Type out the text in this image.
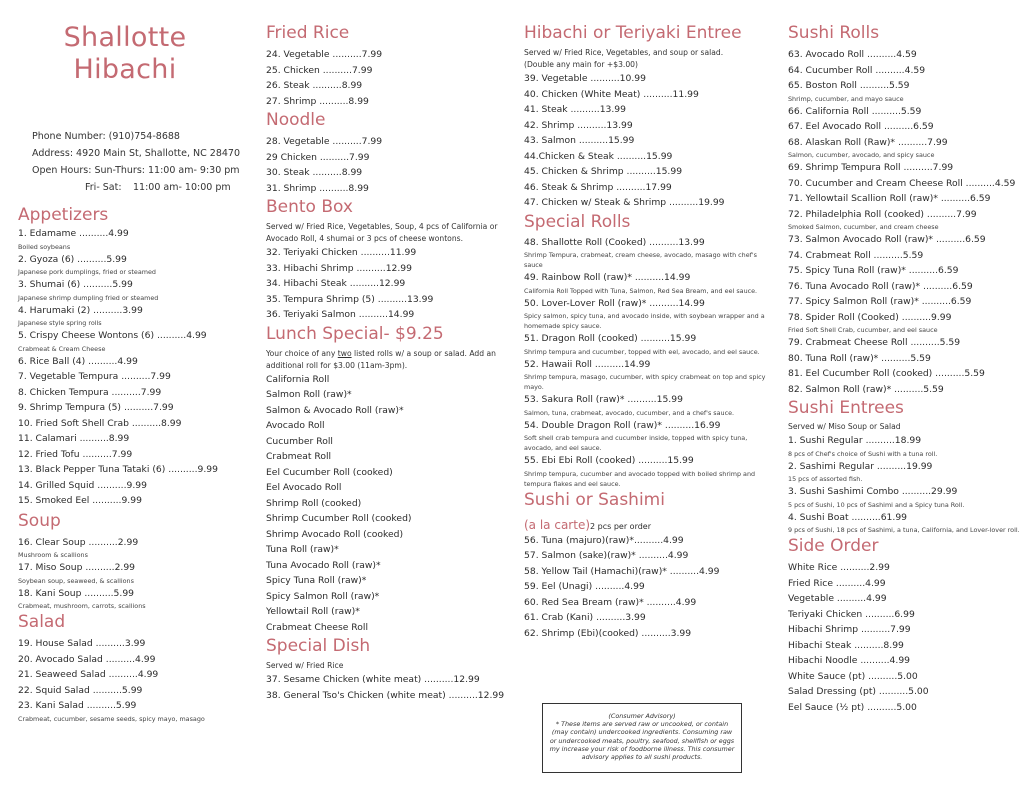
Shallotte
Hibachi
Phone Number: (910)754-8688
Address: 4920 Main St, Shallotte, NC 28470
Open Hours: Sun-Thurs: 11:00 am- 9:30 pm
Fri- Sat: 11:00 am- 10:00 pm
Appetizers
1. Edamame ..........4.99
Boiled soybeans
2. Gyoza (6) ..........5.99
Japanese pork dumplings, fried or steamed
3. Shumai (6) ..........5.99
Japanese shrimp dumpling fried or steamed
4. Harumaki (2) ..........3.99
Japanese style spring rolls
5. Crispy Cheese Wontons (6) ..........4.99
Crabmeat & Cream Cheese
6. Rice Ball (4) ..........4.99
7. Vegetable Tempura ..........7.99
8. Chicken Tempura ..........7.99
9. Shrimp Tempura (5) ..........7.99
10. Fried Soft Shell Crab ..........8.99
11. Calamari ..........8.99
12. Fried Tofu ..........7.99
13. Black Pepper Tuna Tataki (6) ..........9.99
14. Grilled Squid ..........9.99
15. Smoked Eel ..........9.99
Soup
16. Clear Soup ..........2.99
Mushroom & scallions
17. Miso Soup ..........2.99
Soybean soup, seaweed, & scallions
18. Kani Soup ..........5.99
Crabmeat, mushroom, carrots, scallions
Salad
19. House Salad ..........3.99
20. Avocado Salad ..........4.99
21. Seaweed Salad ..........4.99
22. Squid Salad ..........5.99
23. Kani Salad ..........5.99
Crabmeat, cucumber, sesame seeds, spicy mayo, masago
Fried Rice
24. Vegetable ..........7.99
25. Chicken ..........7.99
26. Steak ..........8.99
27. Shrimp ..........8.99
Noodle
28. Vegetable ..........7.99
29 Chicken ..........7.99
30. Steak ..........8.99
31. Shrimp ..........8.99
Bento Box
Served w/ Fried Rice, Vegetables, Soup, 4 pcs of California or Avocado Roll, 4 shumai or 3 pcs of cheese wontons.
32. Teriyaki Chicken ..........11.99
33. Hibachi Shrimp ..........12.99
34. Hibachi Steak ..........12.99
35. Tempura Shrimp (5) ..........13.99
36. Teriyaki Salmon ..........14.99
Lunch Special- $9.25
Your choice of any two listed rolls w/ a soup or salad. Add an additional roll for $3.00 (11am-3pm).
California Roll
Salmon Roll (raw)*
Salmon & Avocado Roll (raw)*
Avocado Roll
Cucumber Roll
Crabmeat Roll
Eel Cucumber Roll (cooked)
Eel Avocado Roll
Shrimp Roll (cooked)
Shrimp Cucumber Roll (cooked)
Shrimp Avocado Roll (cooked)
Tuna Roll (raw)*
Tuna Avocado Roll (raw)*
Spicy Tuna Roll (raw)*
Spicy Salmon Roll (raw)*
Yellowtail Roll (raw)*
Crabmeat Cheese Roll
Special Dish
Served w/ Fried Rice
37. Sesame Chicken (white meat) ..........12.99
38. General Tso's Chicken (white meat) ..........12.99
Hibachi or Teriyaki Entree
Served w/ Fried Rice, Vegetables, and soup or salad.
(Double any main for +$3.00)
39. Vegetable ..........10.99
40. Chicken (White Meat) ..........11.99
41. Steak ..........13.99
42. Shrimp ..........13.99
43. Salmon ..........15.99
44.Chicken & Steak ..........15.99
45. Chicken & Shrimp ..........15.99
46. Steak & Shrimp ..........17.99
47. Chicken w/ Steak & Shrimp ..........19.99
Special Rolls
48. Shallotte Roll (Cooked) ..........13.99
Shrimp Tempura, crabmeat, cream cheese, avocado, masago with chef's sauce
49. Rainbow Roll (raw)* ..........14.99
California Roll Topped with Tuna, Salmon, Red Sea Bream, and eel sauce.
50. Lover-Lover Roll (raw)* ..........14.99
Spicy salmon, spicy tuna, and avocado inside, with soybean wrapper and a homemade spicy sauce.
51. Dragon Roll (cooked) ..........15.99
Shrimp tempura and cucumber, topped with eel, avocado, and eel sauce.
52. Hawaii Roll ..........14.99
Shrimp tempura, masago, cucumber, with spicy crabmeat on top and spicy mayo.
53. Sakura Roll (raw)* ..........15.99
Salmon, tuna, crabmeat, avocado, cucumber, and a chef's sauce.
54. Double Dragon Roll (raw)* ..........16.99
Soft shell crab tempura and cucumber inside, topped with spicy tuna, avocado, and eel sauce.
55. Ebi Ebi Roll (cooked) ..........15.99
Shrimp tempura, cucumber and avocado topped with boiled shrimp and tempura flakes and eel sauce.
Sushi or Sashimi
(a la carte)2 pcs per order
56. Tuna (majuro)(raw)*..........4.99
57. Salmon (sake)(raw)* ..........4.99
58. Yellow Tail (Hamachi)(raw)* ..........4.99
59. Eel (Unagi) ..........4.99
60. Red Sea Bream (raw)* ..........4.99
61. Crab (Kani) ..........3.99
62. Shrimp (Ebi)(cooked) ..........3.99
(Consumer Advisory)
* These items are served raw or uncooked, or contain (may contain) undercooked ingredients. Consuming raw or undercooked meats, poultry, seafood, shellfish or eggs my increase your risk of foodborne illness. This consumer advisory applies to all sushi products.
Sushi Rolls
63. Avocado Roll ..........4.59
64. Cucumber Roll ..........4.59
65. Boston Roll ..........5.59
Shrimp, cucumber, and mayo sauce
66. California Roll ..........5.59
67. Eel Avocado Roll ..........6.59
68. Alaskan Roll (Raw)* ..........7.99
Salmon, cucumber, avocado, and spicy sauce
69. Shrimp Tempura Roll ..........7.99
70. Cucumber and Cream Cheese Roll ..........4.59
71. Yellowtail Scallion Roll (raw)* ..........6.59
72. Philadelphia Roll (cooked) ..........7.99
Smoked Salmon, cucumber, and cream cheese
73. Salmon Avocado Roll (raw)* ..........6.59
74. Crabmeat Roll ..........5.59
75. Spicy Tuna Roll (raw)* ..........6.59
76. Tuna Avocado Roll (raw)* ..........6.59
77. Spicy Salmon Roll (raw)* ..........6.59
78. Spider Roll (Cooked) ..........9.99
Fried Soft Shell Crab, cucumber, and eel sauce
79. Crabmeat Cheese Roll ..........5.59
80. Tuna Roll (raw)* ..........5.59
81. Eel Cucumber Roll (cooked) ..........5.59
82. Salmon Roll (raw)* ..........5.59
Sushi Entrees
Served w/ Miso Soup or Salad
1. Sushi Regular ..........18.99
8 pcs of Chef's choice of Sushi with a tuna roll.
2. Sashimi Regular ..........19.99
15 pcs of assorted fish.
3. Sushi Sashimi Combo ..........29.99
5 pcs of Sushi, 10 pcs of Sashimi and a Spicy tuna Roll.
4. Sushi Boat ..........61.99
9 pcs of Sushi, 18 pcs of Sashimi, a tuna, California, and Lover-lover roll.
Side Order
White Rice ..........2.99
Fried Rice ..........4.99
Vegetable ..........4.99
Teriyaki Chicken ..........6.99
Hibachi Shrimp ..........7.99
Hibachi Steak ..........8.99
Hibachi Noodle ..........4.99
White Sauce (pt) ..........5.00
Salad Dressing (pt) ..........5.00
Eel Sauce (½ pt) ..........5.00
